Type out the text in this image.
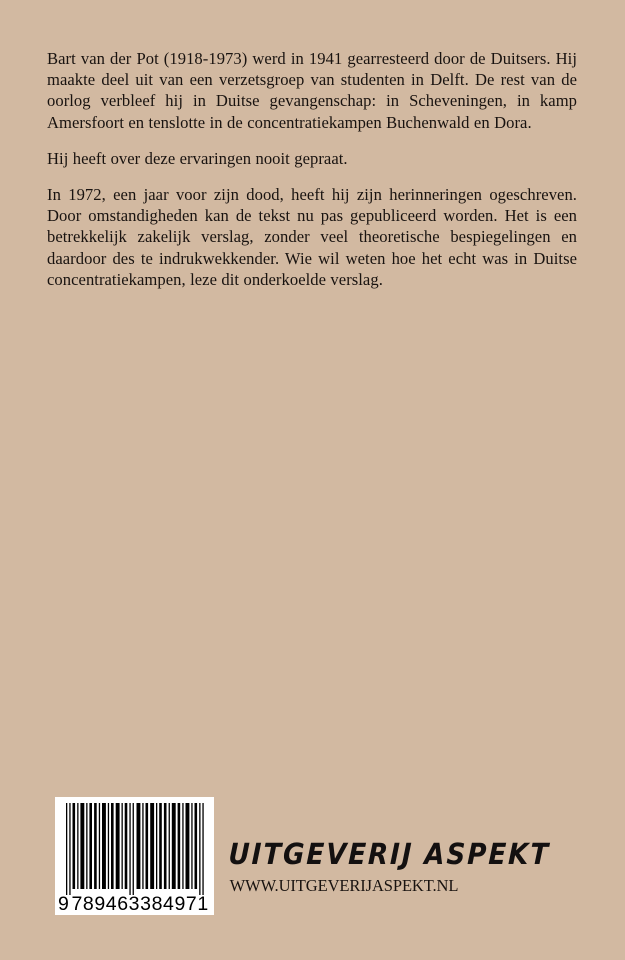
Bart van der Pot (1918-1973) werd in 1941 gearresteerd door de Duitsers. Hij maakte deel uit van een verzetsgroep van studenten in Delft. De rest van de oorlog verbleef hij in Duitse gevangenschap: in Scheveningen, in kamp Amersfoort en tenslotte in de concentratiekampen Buchenwald en Dora.

Hij heeft over deze ervaringen nooit gepraat.

In 1972, een jaar voor zijn dood, heeft hij zijn herinneringen ogeschreven. Door omstandigheden kan de tekst nu pas gepubliceerd worden. Het is een betrekkelijk zakelijk verslag, zonder veel theoretische bespiegelingen en daardoor des te indrukwekkender. Wie wil weten hoe het echt was in Duitse concentratiekampen, leze dit onderkoelde verslag.

9 789463 384971
UITGEVERIJ ASPEKT
WWW.UITGEVERIJASPEKT.NL
